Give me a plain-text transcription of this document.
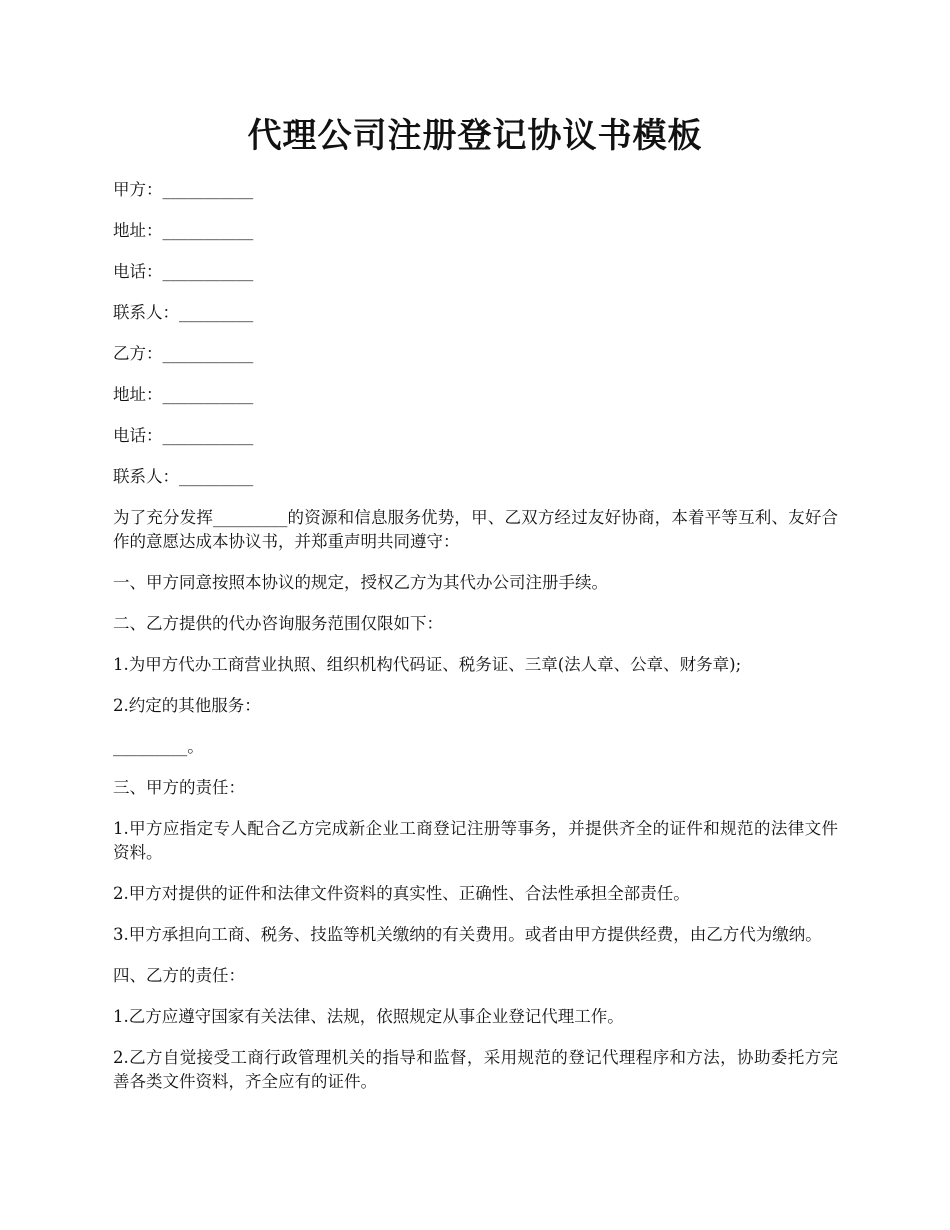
代理公司注册登记协议书模板
甲方：___________
地址：___________
电话：___________
联系人：_________
乙方：___________
地址：___________
电话：___________
联系人：_________
为了充分发挥_________的资源和信息服务优势，甲、乙双方经过友好协商，本着平等互利、友好合作的意愿达成本协议书，并郑重声明共同遵守：
一、甲方同意按照本协议的规定，授权乙方为其代办公司注册手续。
二、乙方提供的代办咨询服务范围仅限如下：
1.为甲方代办工商营业执照、组织机构代码证、税务证、三章(法人章、公章、财务章);
2.约定的其他服务：
_________。
三、甲方的责任：
1.甲方应指定专人配合乙方完成新企业工商登记注册等事务，并提供齐全的证件和规范的法律文件资料。
2.甲方对提供的证件和法律文件资料的真实性、正确性、合法性承担全部责任。
3.甲方承担向工商、税务、技监等机关缴纳的有关费用。或者由甲方提供经费，由乙方代为缴纳。
四、乙方的责任：
1.乙方应遵守国家有关法律、法规，依照规定从事企业登记代理工作。
2.乙方自觉接受工商行政管理机关的指导和监督，采用规范的登记代理程序和方法，协助委托方完善各类文件资料，齐全应有的证件。
